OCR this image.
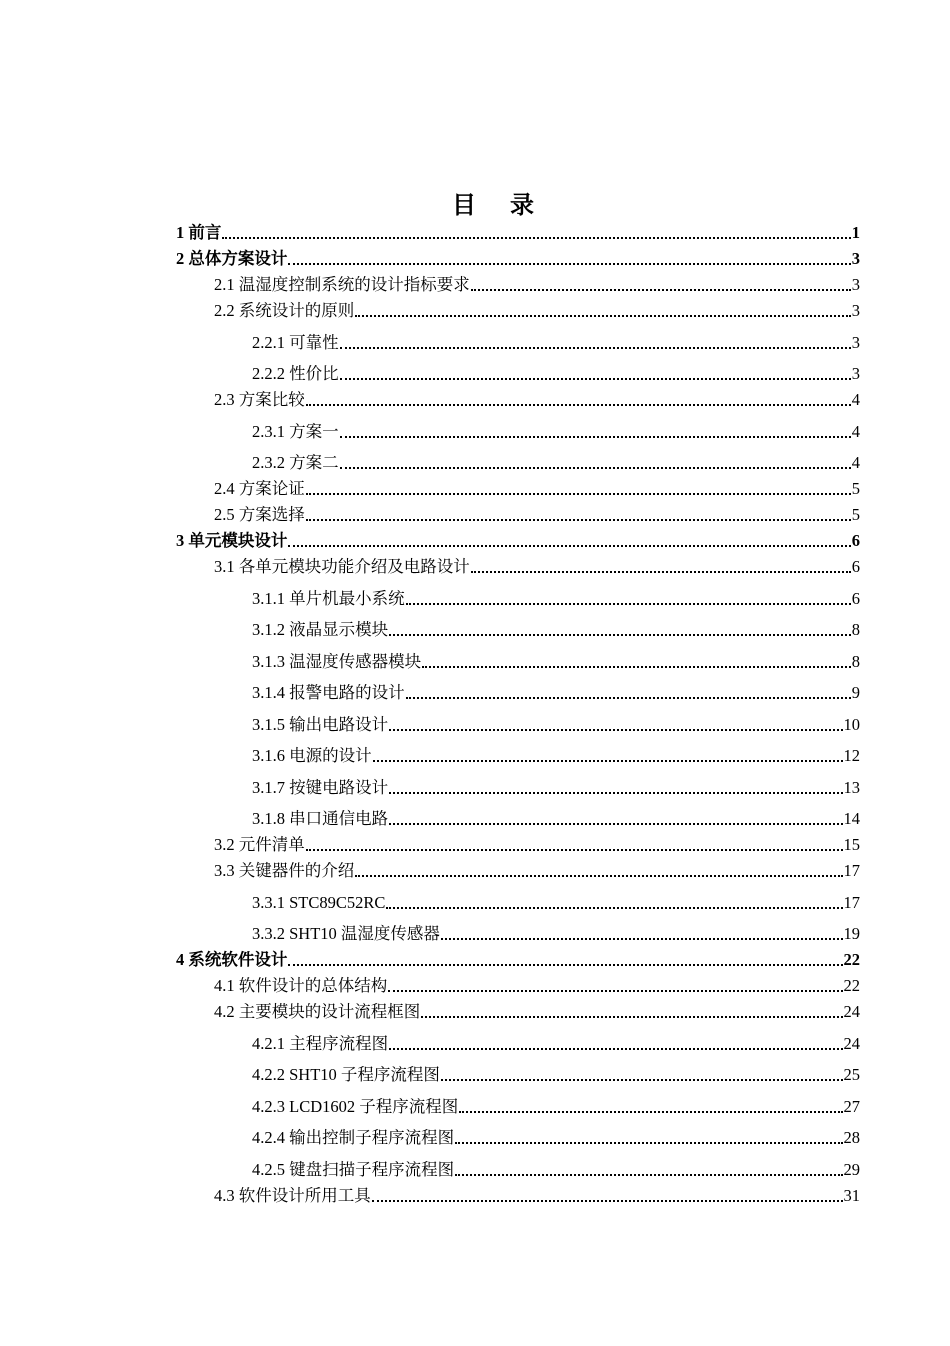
目 录
1 前言	1
2 总体方案设计	3
2.1 温湿度控制系统的设计指标要求	3
2.2 系统设计的原则	3
2.2.1 可靠性	3
2.2.2 性价比	3
2.3 方案比较	4
2.3.1 方案一	4
2.3.2 方案二	4
2.4 方案论证	5
2.5 方案选择	5
3 单元模块设计	6
3.1 各单元模块功能介绍及电路设计	6
3.1.1 单片机最小系统	6
3.1.2 液晶显示模块	8
3.1.3 温湿度传感器模块	8
3.1.4 报警电路的设计	9
3.1.5 输出电路设计	10
3.1.6 电源的设计	12
3.1.7 按键电路设计	13
3.1.8 串口通信电路	14
3.2 元件清单	15
3.3 关键器件的介绍	17
3.3.1 STC89C52RC	17
3.3.2 SHT10 温湿度传感器	19
4 系统软件设计	22
4.1 软件设计的总体结构	22
4.2 主要模块的设计流程框图	24
4.2.1 主程序流程图	24
4.2.2 SHT10 子程序流程图	25
4.2.3 LCD1602 子程序流程图	27
4.2.4 输出控制子程序流程图	28
4.2.5 键盘扫描子程序流程图	29
4.3 软件设计所用工具	31
